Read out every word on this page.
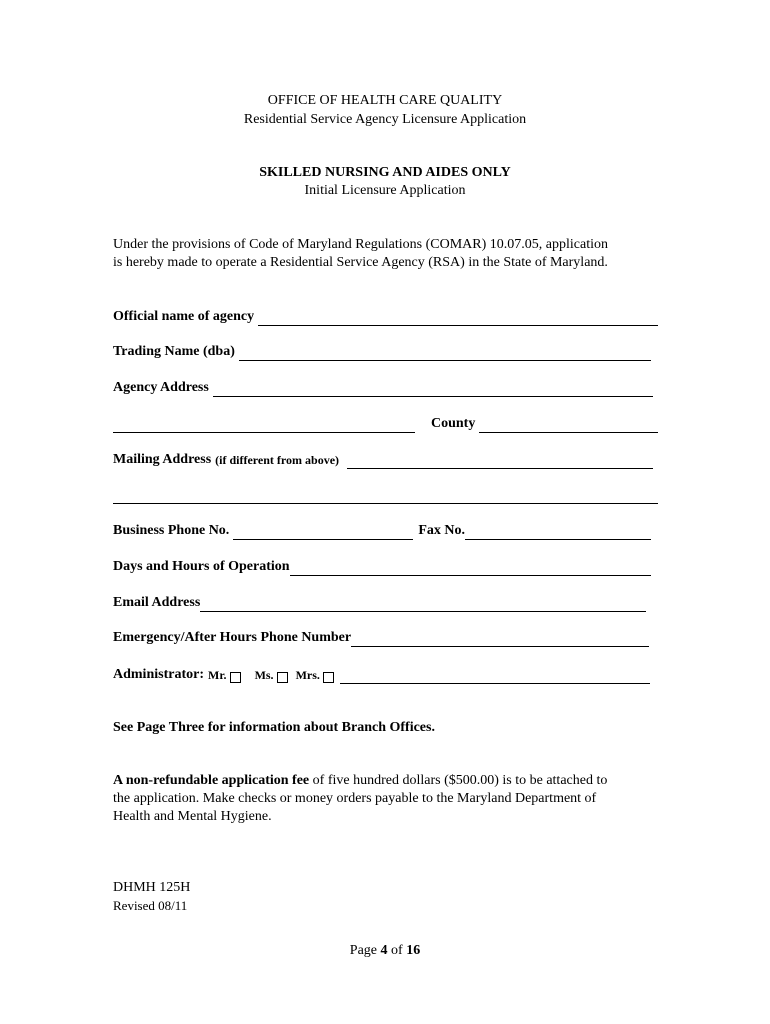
OFFICE OF HEALTH CARE QUALITY
Residential Service Agency Licensure Application
SKILLED NURSING AND AIDES ONLY
Initial Licensure Application
Under the provisions of Code of Maryland Regulations (COMAR) 10.07.05, application
is hereby made to operate a Residential Service Agency (RSA) in the State of Maryland.
Official name of agency
Trading Name (dba)
Agency Address
County
Mailing Address (if different from above)
Business Phone No.	Fax No.
Days and Hours of Operation
Email Address
Emergency/After Hours Phone Number
Administrator: Mr. Ms. Mrs.
See Page Three for information about Branch Offices.
A non-refundable application fee of five hundred dollars ($500.00) is to be attached to
the application. Make checks or money orders payable to the Maryland Department of
Health and Mental Hygiene.
DHMH 125H
Revised 08/11
Page 4 of 16
